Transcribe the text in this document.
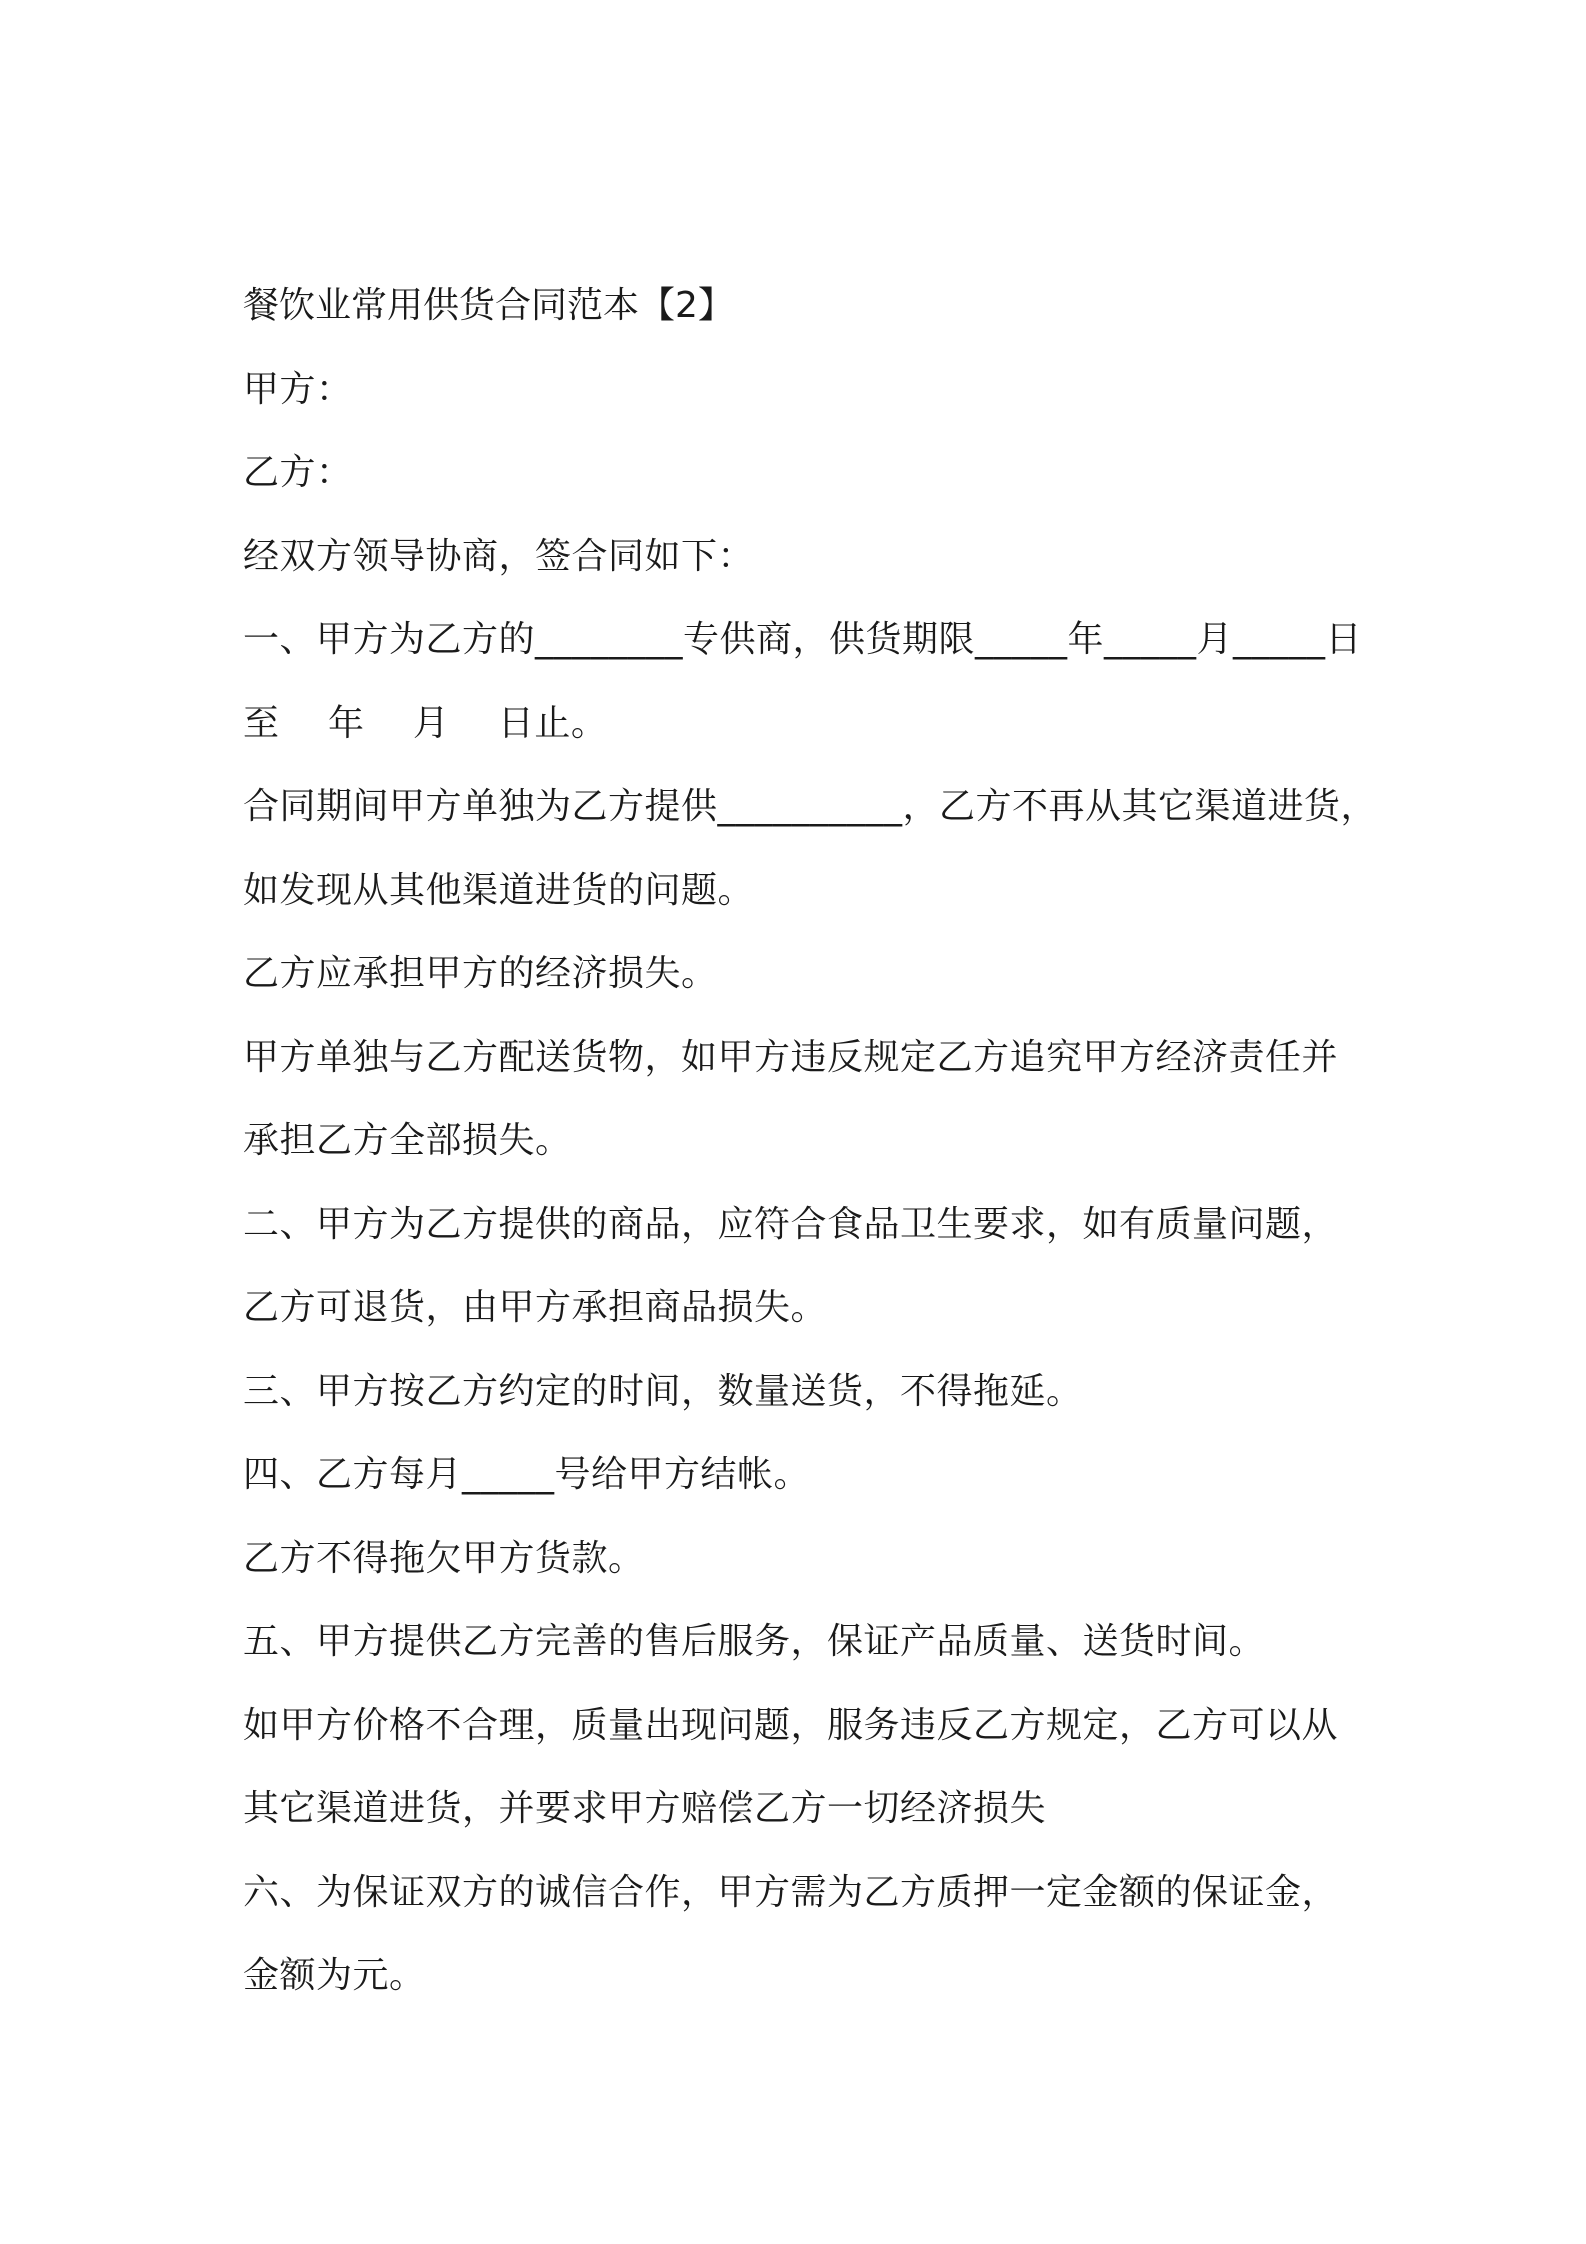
餐饮业常用供货合同范本【2】
甲方：
乙方：
经双方领导协商，签合同如下：
一、甲方为乙方的________专供商，供货期限_____年_____月_____日
至　 年　 月　 日止。
合同期间甲方单独为乙方提供__________，乙方不再从其它渠道进货，
如发现从其他渠道进货的问题。
乙方应承担甲方的经济损失。
甲方单独与乙方配送货物，如甲方违反规定乙方追究甲方经济责任并
承担乙方全部损失。
二、甲方为乙方提供的商品，应符合食品卫生要求，如有质量问题，
乙方可退货，由甲方承担商品损失。
三、甲方按乙方约定的时间，数量送货，不得拖延。
四、乙方每月_____号给甲方结帐。
乙方不得拖欠甲方货款。
五、甲方提供乙方完善的售后服务，保证产品质量、送货时间。
如甲方价格不合理，质量出现问题，服务违反乙方规定，乙方可以从
其它渠道进货，并要求甲方赔偿乙方一切经济损失
六、为保证双方的诚信合作，甲方需为乙方质押一定金额的保证金，
金额为元。
